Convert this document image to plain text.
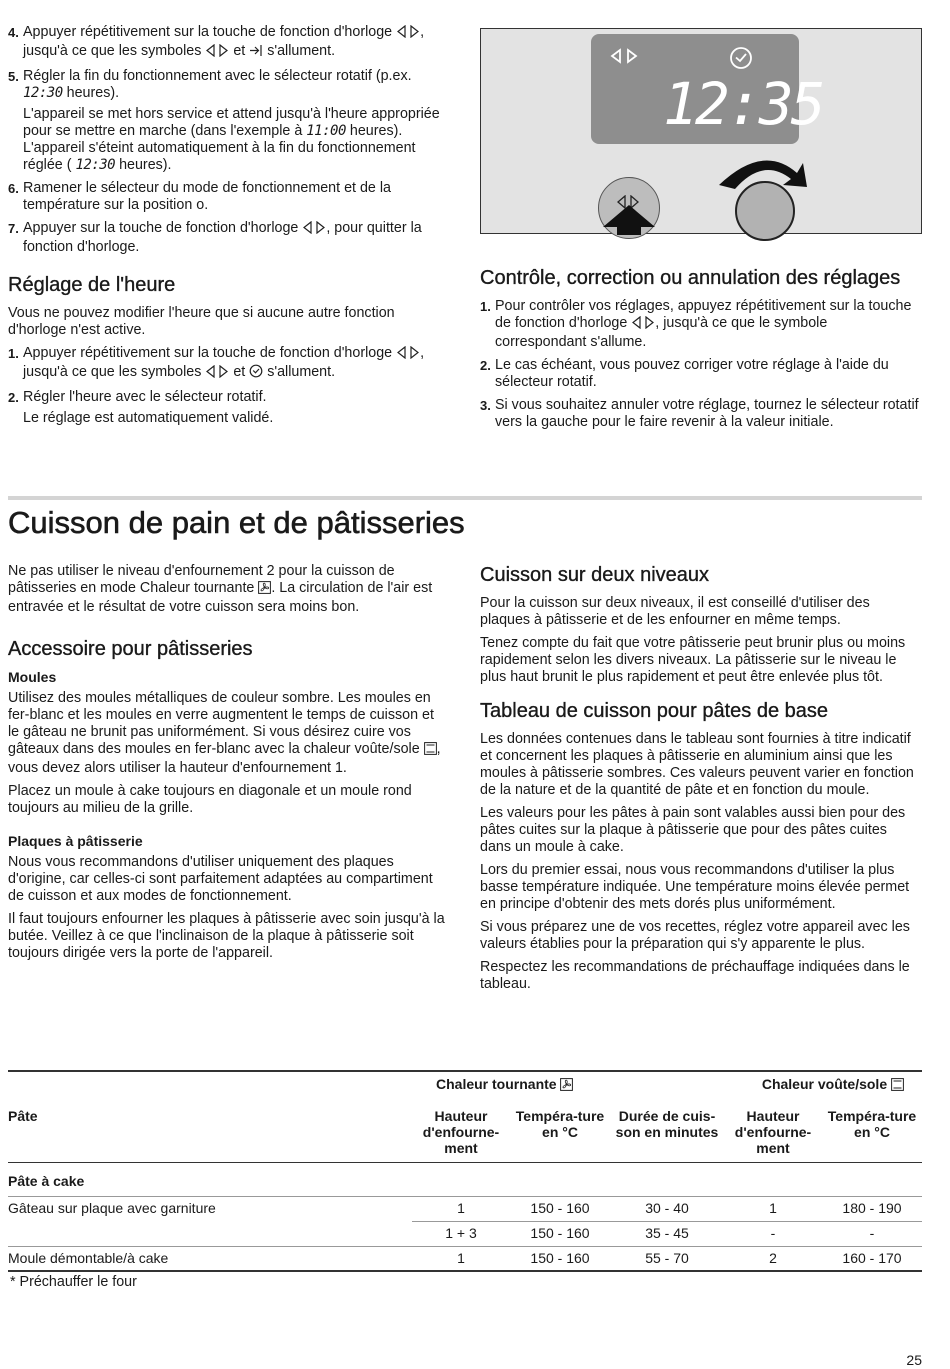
4. Appuyer répétitivement sur la touche de fonction d'horloge , jusqu'à ce que les symboles  et  s'allument.
5. Régler la fin du fonctionnement avec le sélecteur rotatif (p.ex. 12:30 heures).

L'appareil se met hors service et attend jusqu'à l'heure appropriée pour se mettre en marche (dans l'exemple à 11:00 heures). L'appareil s'éteint automatiquement à la fin du fonctionnement réglée ( 12:30 heures).

6. Ramener le sélecteur du mode de fonctionnement et de la température sur la position o.
7. Appuyer sur la touche de fonction d'horloge , pour quitter la fonction d'horloge.
Réglage de l'heure

Vous ne pouvez modifier l'heure que si aucune autre fonction d'horloge n'est active.

1. Appuyer répétitivement sur la touche de fonction d'horloge , jusqu'à ce que les symboles  et  s'allument.
2. Régler l'heure avec le sélecteur rotatif.

Le réglage est automatiquement validé.

12:35
Contrôle, correction ou annulation des réglages
1. Pour contrôler vos réglages, appuyez répétitivement sur la touche de fonction d'horloge , jusqu'à ce que le symbole correspondant s'allume.
2. Le cas échéant, vous pouvez corriger votre réglage à l'aide du sélecteur rotatif.
3. Si vous souhaitez annuler votre réglage, tournez le sélecteur rotatif vers la gauche pour le faire revenir à la valeur initiale.
Cuisson de pain et de pâtisseries

Ne pas utiliser le niveau d'enfournement 2 pour la cuisson de pâtisseries en mode Chaleur tournante . La circulation de l'air est entravée et le résultat de votre cuisson sera moins bon.

Accessoire pour pâtisseries
Moules

Utilisez des moules métalliques de couleur sombre. Les moules en fer-blanc et les moules en verre augmentent le temps de cuisson et le gâteau ne brunit pas uniformément. Si vous désirez cuire vos gâteaux dans des moules en fer-blanc avec la chaleur voûte/sole , vous devez alors utiliser la hauteur d'enfournement 1.

Placez un moule à cake toujours en diagonale et un moule rond toujours au milieu de la grille.

Plaques à pâtisserie

Nous vous recommandons d'utiliser uniquement des plaques d'origine, car celles-ci sont parfaitement adaptées au compartiment de cuisson et aux modes de fonctionnement.

Il faut toujours enfourner les plaques à pâtisserie avec soin jusqu'à la butée. Veillez à ce que l'inclinaison de la plaque à pâtisserie soit toujours dirigée vers la porte de l'appareil.

Cuisson sur deux niveaux

Pour la cuisson sur deux niveaux, il est conseillé d'utiliser des plaques à pâtisserie et de les enfourner en même temps.

Tenez compte du fait que votre pâtisserie peut brunir plus ou moins rapidement selon les divers niveaux. La pâtisserie sur le niveau le plus haut brunit le plus rapidement et peut être enlevée plus tôt.

Tableau de cuisson pour pâtes de base

Les données contenues dans le tableau sont fournies à titre indicatif et concernent les plaques à pâtisserie en aluminium ainsi que les moules à pâtisserie sombres. Ces valeurs peuvent varier en fonction de la nature et de la quantité de pâte et en fonction du moule.

Les valeurs pour les pâtes à pain sont valables aussi bien pour des pâtes cuites sur la plaque à pâtisserie que pour des pâtes cuites dans un moule à cake.

Lors du premier essai, nous vous recommandons d'utiliser la plus basse température indiquée. Une température moins élevée permet en principe d'obtenir des mets dorés plus uniformément.

Si vous préparez une de vos recettes, réglez votre appareil avec les valeurs établies pour la préparation qui s'y apparente le plus.

Respectez les recommandations de préchauffage indiquées dans le tableau.

	Chaleur tournante			Chaleur voûte/sole	
Pâte	Hauteur d'enfourne-ment	Tempéra-ture en °C	Durée de cuis-son en minutes	Hauteur d'enfourne-ment	Tempéra-ture en °C
Pâte à cake					
Gâteau sur plaque avec garniture	1	150 - 160	30 - 40	1	180 - 190
	1 + 3	150 - 160	35 - 45	-	-
Moule démontable/à cake	1	150 - 160	55 - 70	2	160 - 170
* Préchauffer le four
25
